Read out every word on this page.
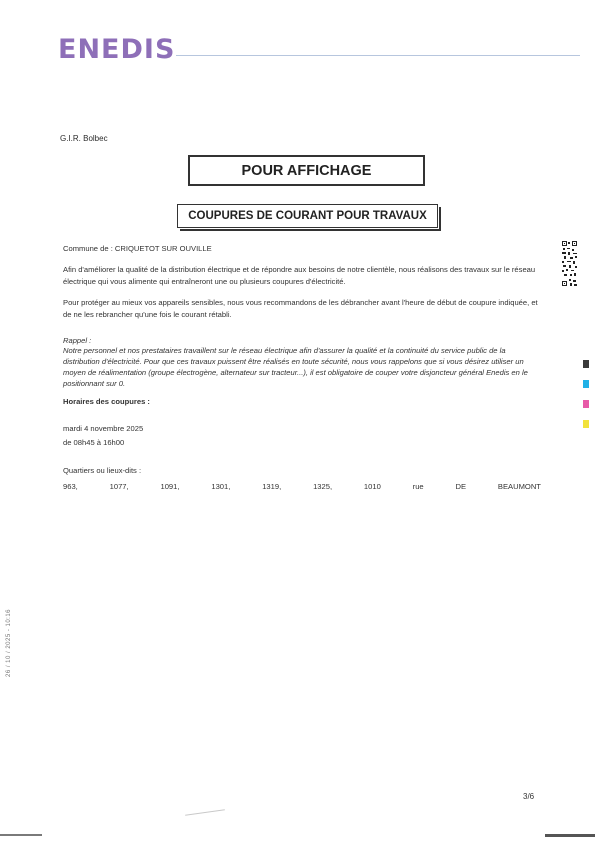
ENEDIS
G.I.R. Bolbec
POUR AFFICHAGE
COUPURES DE COURANT POUR TRAVAUX
Commune de : CRIQUETOT SUR OUVILLE
Afin d'améliorer la qualité de la distribution électrique et de répondre aux besoins de notre clientèle, nous réalisons des travaux sur le réseau électrique qui vous alimente qui entraîneront une ou plusieurs coupures d'électricité.
Pour protéger au mieux vos appareils sensibles, nous vous recommandons de les débrancher avant l'heure de début de coupure indiquée, et de ne les rebrancher qu'une fois le courant rétabli.
Rappel :
Notre personnel et nos prestataires travaillent sur le réseau électrique afin d'assurer la qualité et la continuité du service public de la distribution d'électricité. Pour que ces travaux puissent être réalisés en toute sécurité, nous vous rappelons que si vous désirez utiliser un moyen de réalimentation (groupe électrogène, alternateur sur tracteur...), il est obligatoire de couper votre disjoncteur général Enedis en le positionnant sur 0.
Horaires des coupures :
mardi 4 novembre 2025
de 08h45 à 16h00
Quartiers ou lieux-dits :
963,	1077,	1091,	1301,	1319,	1325,	1010	rue	DE	BEAUMONT
26 / 10 / 2025 - 10:16
3/6
